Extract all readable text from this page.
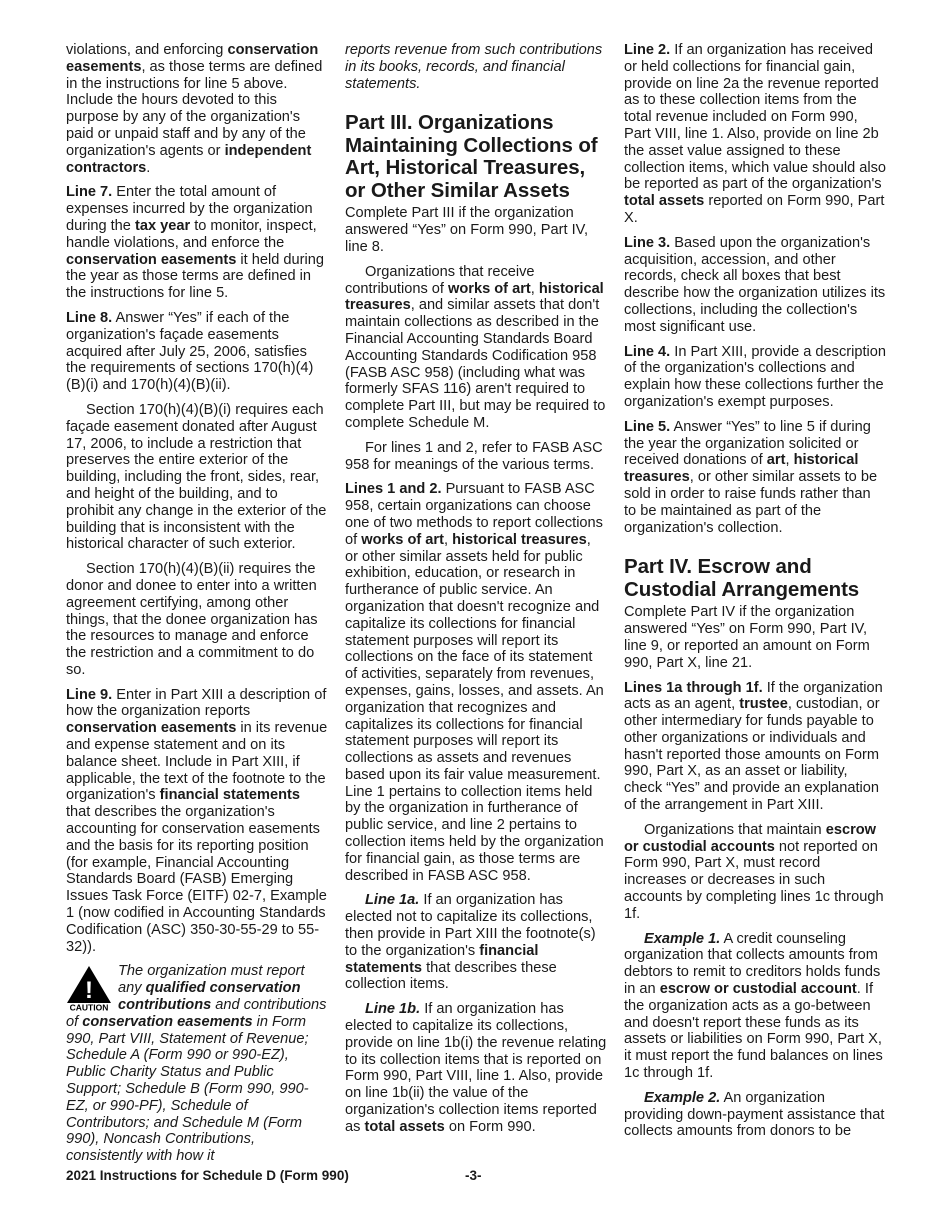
violations, and enforcing conservation easements, as those terms are defined in the instructions for line 5 above. Include the hours devoted to this purpose by any of the organization's paid or unpaid staff and by any of the organization's agents or independent contractors.

Line 7. Enter the total amount of expenses incurred by the organization during the tax year to monitor, inspect, handle violations, and enforce the conservation easements it held during the year as those terms are defined in the instructions for line 5.

Line 8. Answer “Yes” if each of the organization's façade easements acquired after July 25, 2006, satisfies the requirements of sections 170(h)(4)(B)(i) and 170(h)(4)(B)(ii).

Section 170(h)(4)(B)(i) requires each façade easement donated after August 17, 2006, to include a restriction that preserves the entire exterior of the building, including the front, sides, rear, and height of the building, and to prohibit any change in the exterior of the building that is inconsistent with the historical character of such exterior.

Section 170(h)(4)(B)(ii) requires the donor and donee to enter into a written agreement certifying, among other things, that the donee organization has the resources to manage and enforce the restriction and a commitment to do so.

Line 9. Enter in Part XIII a description of how the organization reports conservation easements in its revenue and expense statement and on its balance sheet. Include in Part XIII, if applicable, the text of the footnote to the organization's financial statements that describes the organization's accounting for conservation easements and the basis for its reporting position (for example, Financial Accounting Standards Board (FASB) Emerging Issues Task Force (EITF) 02-7, Example 1 (now codified in Accounting Standards Codification (ASC) 350-30-55-29 to 55-32)).

!
CAUTION
The organization must report any qualified conservation contributions and contributions of conservation easements in Form 990, Part VIII, Statement of Revenue; Schedule A (Form 990 or 990-EZ), Public Charity Status and Public Support; Schedule B (Form 990, 990-EZ, or 990-PF), Schedule of Contributors; and Schedule M (Form 990), Noncash Contributions, consistently with how it

reports revenue from such contributions in its books, records, and financial statements.

Part III. Organizations Maintaining Collections of Art, Historical Treasures, or Other Similar Assets

Complete Part III if the organization answered “Yes” on Form 990, Part IV, line 8.

Organizations that receive contributions of works of art, historical treasures, and similar assets that don't maintain collections as described in the Financial Accounting Standards Board Accounting Standards Codification 958 (FASB ASC 958) (including what was formerly SFAS 116) aren't required to complete Part III, but may be required to complete Schedule M.

For lines 1 and 2, refer to FASB ASC 958 for meanings of the various terms.

Lines 1 and 2. Pursuant to FASB ASC 958, certain organizations can choose one of two methods to report collections of works of art, historical treasures, or other similar assets held for public exhibition, education, or research in furtherance of public service. An organization that doesn't recognize and capitalize its collections for financial statement purposes will report its collections on the face of its statement of activities, separately from revenues, expenses, gains, losses, and assets. An organization that recognizes and capitalizes its collections for financial statement purposes will report its collections as assets and revenues based upon its fair value measurement. Line 1 pertains to collection items held by the organization in furtherance of public service, and line 2 pertains to collection items held by the organization for financial gain, as those terms are described in FASB ASC 958.

Line 1a. If an organization has elected not to capitalize its collections, then provide in Part XIII the footnote(s) to the organization's financial statements that describes these collection items.

Line 1b. If an organization has elected to capitalize its collections, provide on line 1b(i) the revenue relating to its collection items that is reported on Form 990, Part VIII, line 1. Also, provide on line 1b(ii) the value of the organization's collection items reported as total assets on Form 990.

Line 2. If an organization has received or held collections for financial gain, provide on line 2a the revenue reported as to these collection items from the total revenue included on Form 990, Part VIII, line 1. Also, provide on line 2b the asset value assigned to these collection items, which value should also be reported as part of the organization's total assets reported on Form 990, Part X.

Line 3. Based upon the organization's acquisition, accession, and other records, check all boxes that best describe how the organization utilizes its collections, including the collection's most significant use.

Line 4. In Part XIII, provide a description of the organization's collections and explain how these collections further the organization's exempt purposes.

Line 5. Answer “Yes” to line 5 if during the year the organization solicited or received donations of art, historical treasures, or other similar assets to be sold in order to raise funds rather than to be maintained as part of the organization's collection.

Part IV. Escrow and Custodial Arrangements

Complete Part IV if the organization answered “Yes” on Form 990, Part IV, line 9, or reported an amount on Form 990, Part X, line 21.

Lines 1a through 1f. If the organization acts as an agent, trustee, custodian, or other intermediary for funds payable to other organizations or individuals and hasn't reported those amounts on Form 990, Part X, as an asset or liability, check “Yes” and provide an explanation of the arrangement in Part XIII.

Organizations that maintain escrow or custodial accounts not reported on Form 990, Part X, must record increases or decreases in such accounts by completing lines 1c through 1f.

Example 1. A credit counseling organization that collects amounts from debtors to remit to creditors holds funds in an escrow or custodial account. If the organization acts as a go-between and doesn't report these funds as its assets or liabilities on Form 990, Part X, it must report the fund balances on lines 1c through 1f.

Example 2. An organization providing down-payment assistance that collects amounts from donors to be

2021 Instructions for Schedule D (Form 990)	-3-
